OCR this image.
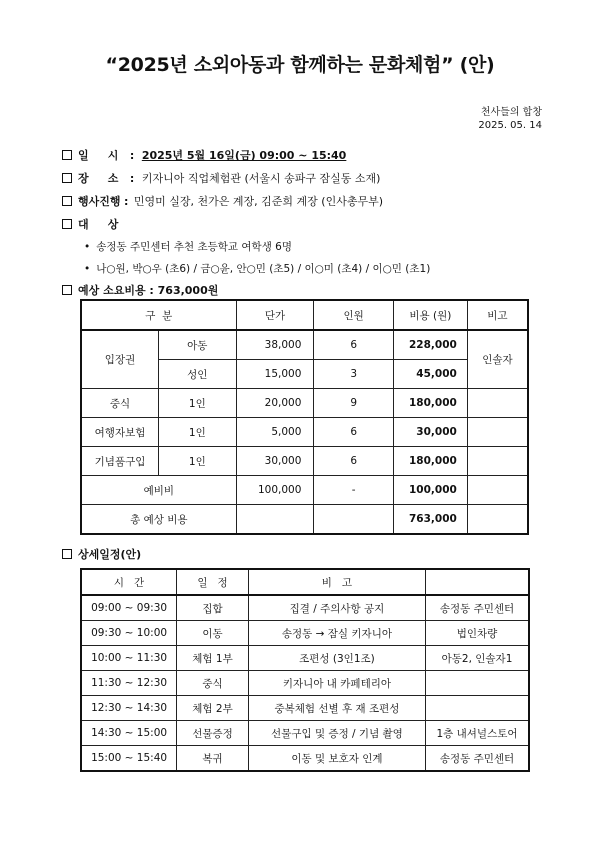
“2025년 소외아동과 함께하는 문화체험” (안)
천사들의 합창
2025. 05. 14
일     시 : 2025년 5월 16일(금) 09:00 ~ 15:40
장     소 : 키자니아 직업체험관 (서울시 송파구 잠실동 소재)
행사진행 : 민영미 실장, 천가은 계장, 김준희 계장 (인사총무부)
대     상
• 송정동 주민센터 추천 초등학교 여학생 6명
• 나○원, 박○우 (초6) / 금○윤, 안○민 (초5) / 이○미 (초4) / 이○민 (초1)
예상 소요비용 : 763,000원
구  분		단가	인원	비용 (원)	비고
입장권	아동	38,000	6	228,000	인솔자
	성인	15,000	3	45,000	
중식	1인	20,000	9	180,000	
여행자보험	1인	5,000	6	30,000	
기념품구입	1인	30,000	6	180,000	
예비비		100,000	-	100,000	
총 예상 비용				763,000	
상세일정(안)
시   간	일   정	비   고	
09:00 ~ 09:30	집합	집결 / 주의사항 공지	송정동 주민센터
09:30 ~ 10:00	이동	송정동 → 잠실 키자니아	법인차량
10:00 ~ 11:30	체험 1부	조편성 (3인1조)	아동2, 인솔자1
11:30 ~ 12:30	중식	키자니아 내 카페테리아	
12:30 ~ 14:30	체험 2부	중복체험 선별 후 재 조편성	
14:30 ~ 15:00	선물증정	선물구입 및 증정 / 기념 촬영	1층 내셔널스토어
15:00 ~ 15:40	복귀	이동 및 보호자 인계	송정동 주민센터
